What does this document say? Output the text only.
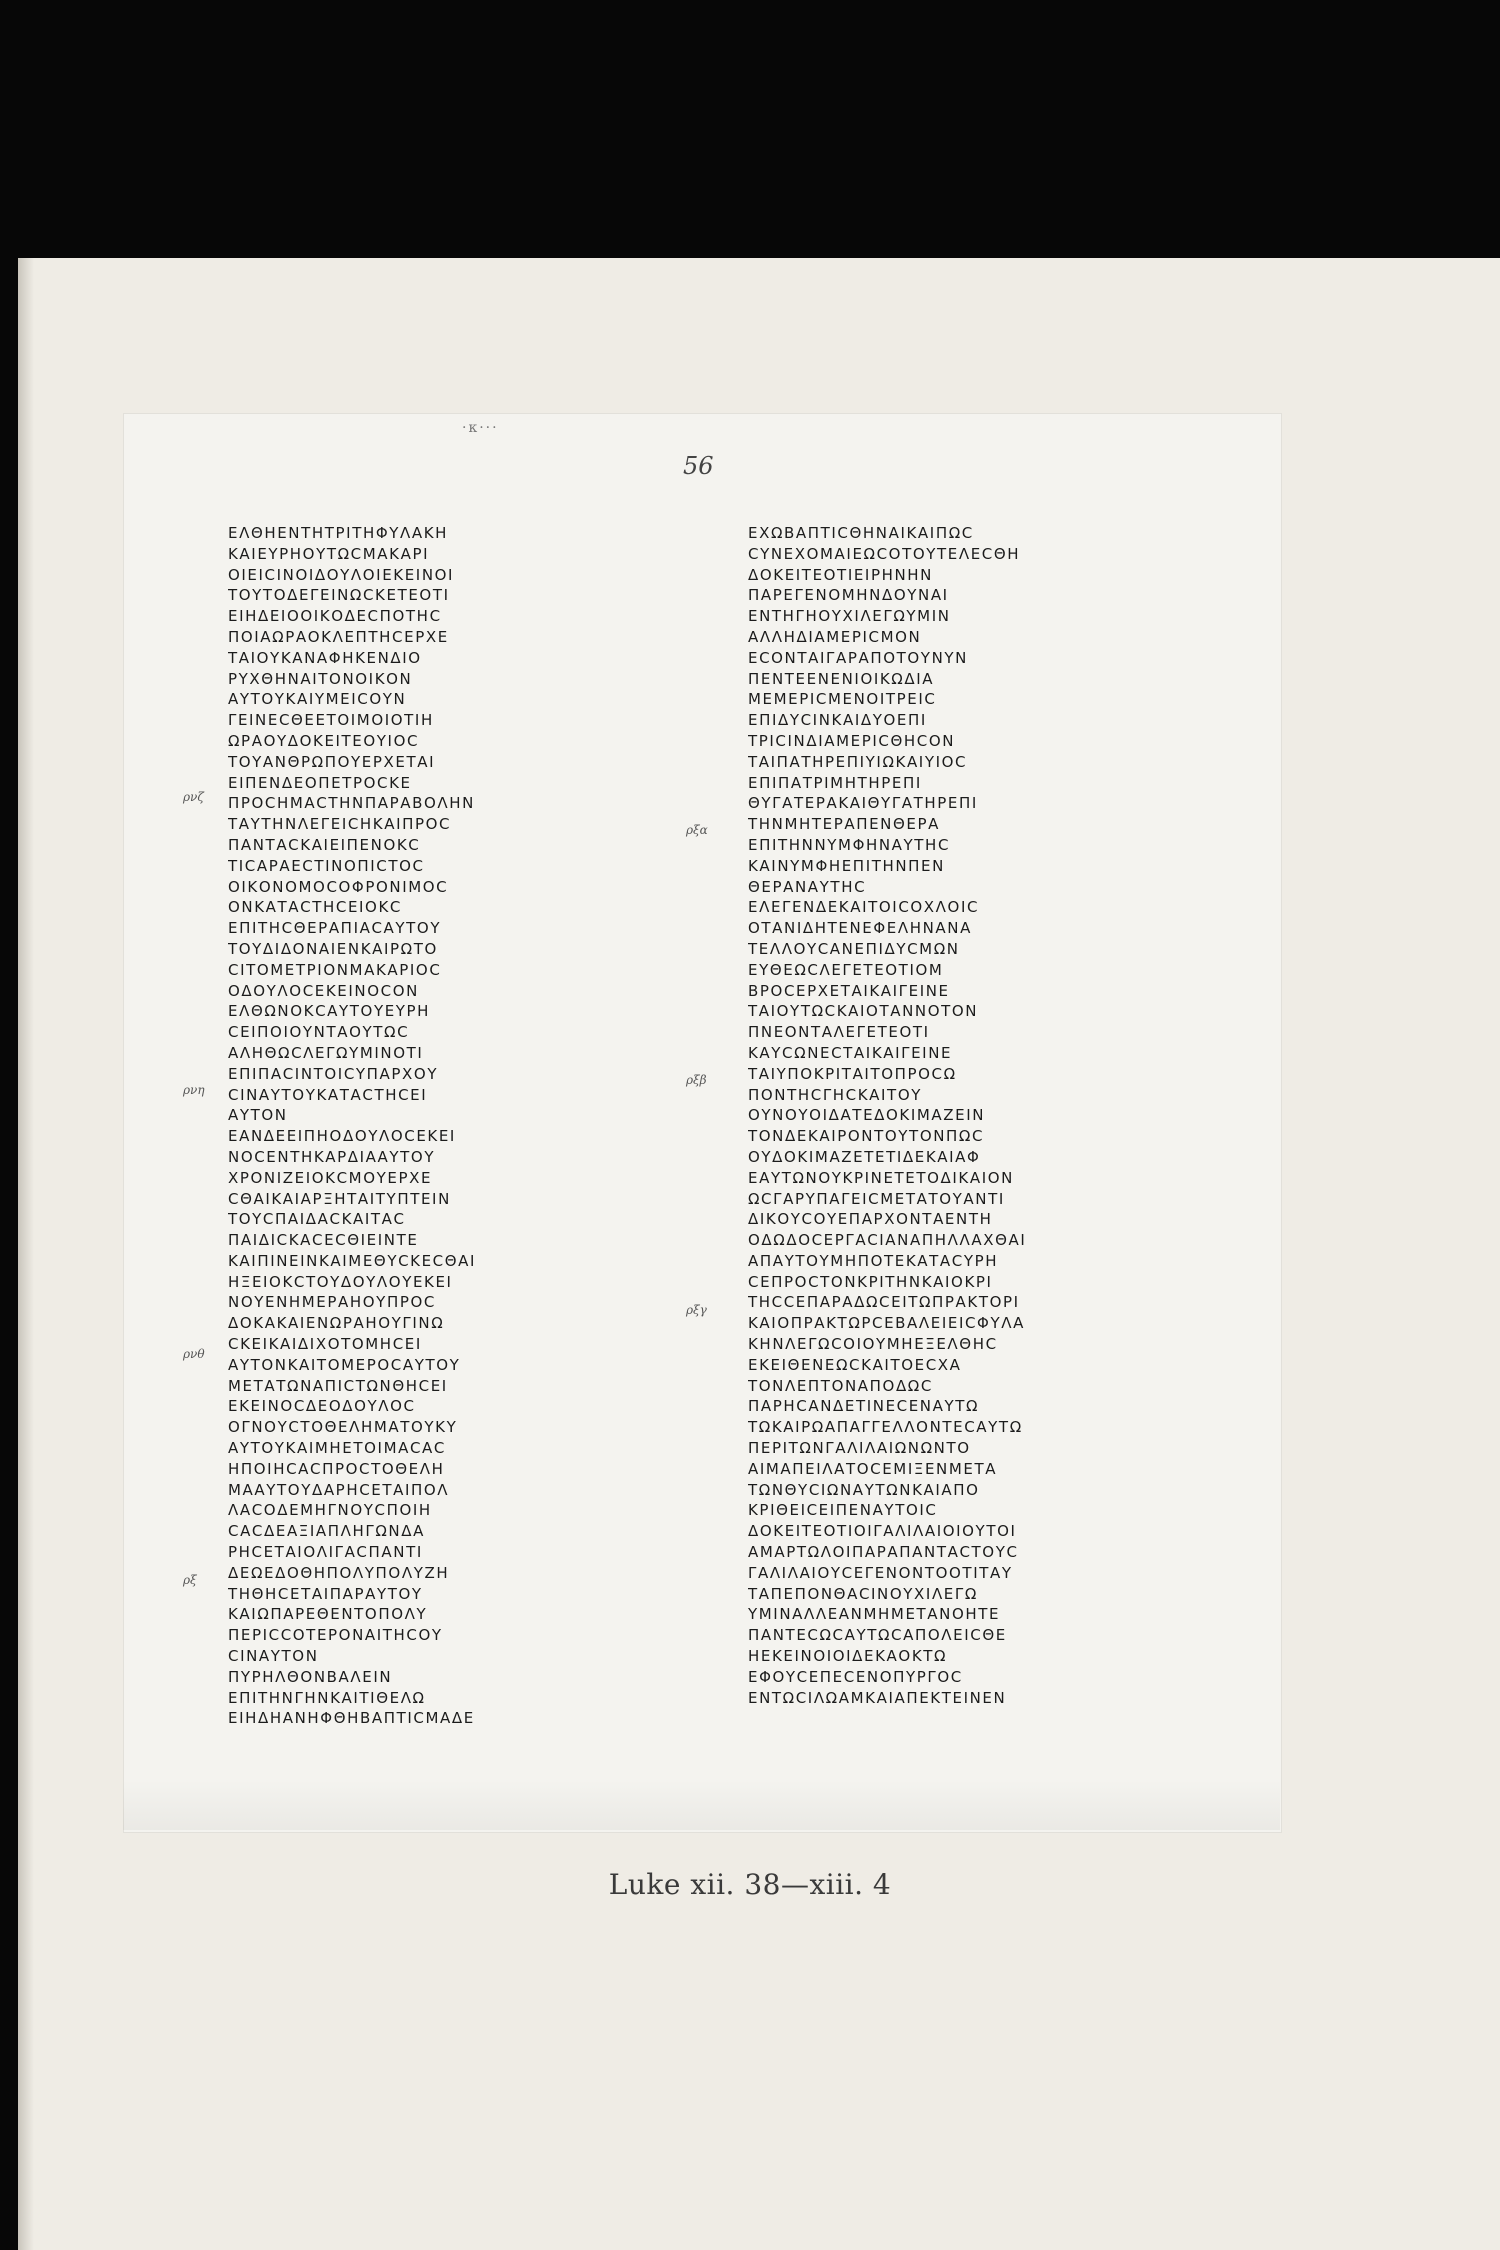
·κ···
56
ΕΛΘΗΕΝΤΗΤΡΙΤΗΦΥΛΑΚΗ
ΚΑΙΕΥΡΗΟΥΤΩCΜΑΚΑΡΙ
ΟΙΕΙCΙΝΟΙΔΟΥΛΟΙΕΚΕΙΝΟΙ
ΤΟΥΤΟΔΕΓΕΙΝΩCΚΕΤΕΟΤΙ
ΕΙΗΔΕΙΟΟΙΚΟΔΕCΠΟΤΗC
ΠΟΙΑΩΡΑΟΚΛΕΠΤΗCΕΡΧΕ
ΤΑΙΟΥΚΑΝΑΦΗΚΕΝΔΙΟ
ΡΥΧΘΗΝΑΙΤΟΝΟΙΚΟΝ
ΑΥΤΟΥΚΑΙΥΜΕΙCΟΥΝ
ΓΕΙΝΕCΘΕΕΤΟΙΜΟΙΟΤΙΗ
ΩΡΑΟΥΔΟΚΕΙΤΕΟΥΙΟC
ΤΟΥΑΝΘΡΩΠΟΥΕΡΧΕΤΑΙ
ΕΙΠΕΝΔΕΟΠΕΤΡΟCΚΕ
ΠΡΟCΗΜΑCΤΗΝΠΑΡΑΒΟΛΗΝ
ΤΑΥΤΗΝΛΕΓΕΙCΗΚΑΙΠΡΟC
ΠΑΝΤΑCΚΑΙΕΙΠΕΝΟΚC
ΤΙCΑΡΑΕCΤΙΝΟΠΙCΤΟC
ΟΙΚΟΝΟΜΟCΟΦΡΟΝΙΜΟC
ΟΝΚΑΤΑCΤΗCΕΙΟΚC
ΕΠΙΤΗCΘΕΡΑΠΙΑCΑΥΤΟΥ
ΤΟΥΔΙΔΟΝΑΙΕΝΚΑΙΡΩΤΟ
CΙΤΟΜΕΤΡΙΟΝΜΑΚΑΡΙΟC
ΟΔΟΥΛΟCΕΚΕΙΝΟCΟΝ
ΕΛΘΩΝΟΚCΑΥΤΟΥΕΥΡΗ
CΕΙΠΟΙΟΥΝΤΑΟΥΤΩC
ΑΛΗΘΩCΛΕΓΩΥΜΙΝΟΤΙ
ΕΠΙΠΑCΙΝΤΟΙCΥΠΑΡΧΟΥ
CΙΝΑΥΤΟΥΚΑΤΑCΤΗCΕΙ
ΑΥΤΟΝ
ΕΑΝΔΕΕΙΠΗΟΔΟΥΛΟCΕΚΕΙ
ΝΟCΕΝΤΗΚΑΡΔΙΑΑΥΤΟΥ
ΧΡΟΝΙΖΕΙΟΚCΜΟΥΕΡΧΕ
CΘΑΙΚΑΙΑΡΞΗΤΑΙΤΥΠΤΕΙΝ
ΤΟΥCΠΑΙΔΑCΚΑΙΤΑC
ΠΑΙΔΙCΚΑCΕCΘΙΕΙΝΤΕ
ΚΑΙΠΙΝΕΙΝΚΑΙΜΕΘΥCΚΕCΘΑΙ
ΗΞΕΙΟΚCΤΟΥΔΟΥΛΟΥΕΚΕΙ
ΝΟΥΕΝΗΜΕΡΑΗΟΥΠΡΟC
ΔΟΚΑΚΑΙΕΝΩΡΑΗΟΥΓΙΝΩ
CΚΕΙΚΑΙΔΙΧΟΤΟΜΗCΕΙ
ΑΥΤΟΝΚΑΙΤΟΜΕΡΟCΑΥΤΟΥ
ΜΕΤΑΤΩΝΑΠΙCΤΩΝΘΗCΕΙ
ΕΚΕΙΝΟCΔΕΟΔΟΥΛΟC
ΟΓΝΟΥCΤΟΘΕΛΗΜΑΤΟΥΚΥ
ΑΥΤΟΥΚΑΙΜΗΕΤΟΙΜΑCΑC
ΗΠΟΙΗCΑCΠΡΟCΤΟΘΕΛΗ
ΜΑΑΥΤΟΥΔΑΡΗCΕΤΑΙΠΟΛ
ΛΑCΟΔΕΜΗΓΝΟΥCΠΟΙΗ
CΑCΔΕΑΞΙΑΠΛΗΓΩΝΔΑ
ΡΗCΕΤΑΙΟΛΙΓΑCΠΑΝΤΙ
ΔΕΩΕΔΟΘΗΠΟΛΥΠΟΛΥΖΗ
ΤΗΘΗCΕΤΑΙΠΑΡΑΥΤΟΥ
ΚΑΙΩΠΑΡΕΘΕΝΤΟΠΟΛΥ
ΠΕΡΙCCΟΤΕΡΟΝΑΙΤΗCΟΥ
CΙΝΑΥΤΟΝ
ΠΥΡΗΛΘΟΝΒΑΛΕΙΝ
ΕΠΙΤΗΝΓΗΝΚΑΙΤΙΘΕΛΩ
ΕΙΗΔΗΑΝΗΦΘΗΒΑΠΤΙCΜΑΔΕ
ΕΧΩΒΑΠΤΙCΘΗΝΑΙΚΑΙΠΩC
CΥΝΕΧΟΜΑΙΕΩCΟΤΟΥΤΕΛΕCΘΗ
ΔΟΚΕΙΤΕΟΤΙΕΙΡΗΝΗΝ
ΠΑΡΕΓΕΝΟΜΗΝΔΟΥΝΑΙ
ΕΝΤΗΓΗΟΥΧΙΛΕΓΩΥΜΙΝ
ΑΛΛΗΔΙΑΜΕΡΙCΜΟΝ
ΕCΟΝΤΑΙΓΑΡΑΠΟΤΟΥΝΥΝ
ΠΕΝΤΕΕΝΕΝΙΟΙΚΩΔΙΑ
ΜΕΜΕΡΙCΜΕΝΟΙΤΡΕΙC
ΕΠΙΔΥCΙΝΚΑΙΔΥΟΕΠΙ
ΤΡΙCΙΝΔΙΑΜΕΡΙCΘΗCΟΝ
ΤΑΙΠΑΤΗΡΕΠΙΥΙΩΚΑΙΥΙΟC
ΕΠΙΠΑΤΡΙΜΗΤΗΡΕΠΙ
ΘΥΓΑΤΕΡΑΚΑΙΘΥΓΑΤΗΡΕΠΙ
ΤΗΝΜΗΤΕΡΑΠΕΝΘΕΡΑ
ΕΠΙΤΗΝΝΥΜΦΗΝΑΥΤΗC
ΚΑΙΝΥΜΦΗΕΠΙΤΗΝΠΕΝ
ΘΕΡΑΝΑΥΤΗC
ΕΛΕΓΕΝΔΕΚΑΙΤΟΙCΟΧΛΟΙC
ΟΤΑΝΙΔΗΤΕΝΕΦΕΛΗΝΑΝΑ
ΤΕΛΛΟΥCΑΝΕΠΙΔΥCΜΩΝ
ΕΥΘΕΩCΛΕΓΕΤΕΟΤΙΟΜ
ΒΡΟCΕΡΧΕΤΑΙΚΑΙΓΕΙΝΕ
ΤΑΙΟΥΤΩCΚΑΙΟΤΑΝΝΟΤΟΝ
ΠΝΕΟΝΤΑΛΕΓΕΤΕΟΤΙ
ΚΑΥCΩΝΕCΤΑΙΚΑΙΓΕΙΝΕ
ΤΑΙΥΠΟΚΡΙΤΑΙΤΟΠΡΟCΩ
ΠΟΝΤΗCΓΗCΚΑΙΤΟΥ
ΟΥΝΟΥΟΙΔΑΤΕΔΟΚΙΜΑΖΕΙΝ
ΤΟΝΔΕΚΑΙΡΟΝΤΟΥΤΟΝΠΩC
ΟΥΔΟΚΙΜΑΖΕΤΕΤΙΔΕΚΑΙΑΦ
ΕΑΥΤΩΝΟΥΚΡΙΝΕΤΕΤΟΔΙΚΑΙΟΝ
ΩCΓΑΡΥΠΑΓΕΙCΜΕΤΑΤΟΥΑΝΤΙ
ΔΙΚΟΥCΟΥΕΠΑΡΧΟΝΤΑΕΝΤΗ
ΟΔΩΔΟCΕΡΓΑCΙΑΝΑΠΗΛΛΑΧΘΑΙ
ΑΠΑΥΤΟΥΜΗΠΟΤΕΚΑΤΑCΥΡΗ
CΕΠΡΟCΤΟΝΚΡΙΤΗΝΚΑΙΟΚΡΙ
ΤΗCCΕΠΑΡΑΔΩCΕΙΤΩΠΡΑΚΤΟΡΙ
ΚΑΙΟΠΡΑΚΤΩΡCΕΒΑΛΕΙΕΙCΦΥΛΑ
ΚΗΝΛΕΓΩCΟΙΟΥΜΗΕΞΕΛΘΗC
ΕΚΕΙΘΕΝΕΩCΚΑΙΤΟΕCΧΑ
ΤΟΝΛΕΠΤΟΝΑΠΟΔΩC
ΠΑΡΗCΑΝΔΕΤΙΝΕCΕΝΑΥΤΩ
ΤΩΚΑΙΡΩΑΠΑΓΓΕΛΛΟΝΤΕCΑΥΤΩ
ΠΕΡΙΤΩΝΓΑΛΙΛΑΙΩΝΩΝΤΟ
ΑΙΜΑΠΕΙΛΑΤΟCΕΜΙΞΕΝΜΕΤΑ
ΤΩΝΘΥCΙΩΝΑΥΤΩΝΚΑΙΑΠΟ
ΚΡΙΘΕΙCΕΙΠΕΝΑΥΤΟΙC
ΔΟΚΕΙΤΕΟΤΙΟΙΓΑΛΙΛΑΙΟΙΟΥΤΟΙ
ΑΜΑΡΤΩΛΟΙΠΑΡΑΠΑΝΤΑCΤΟΥC
ΓΑΛΙΛΑΙΟΥCΕΓΕΝΟΝΤΟΟΤΙΤΑΥ
ΤΑΠΕΠΟΝΘΑCΙΝΟΥΧΙΛΕΓΩ
ΥΜΙΝΑΛΛΕΑΝΜΗΜΕΤΑΝΟΗΤΕ
ΠΑΝΤΕCΩCΑΥΤΩCΑΠΟΛΕΙCΘΕ
ΗΕΚΕΙΝΟΙΟΙΔΕΚΑΟΚΤΩ
ΕΦΟΥCΕΠΕCΕΝΟΠΥΡΓΟC
ΕΝΤΩCΙΛΩΑΜΚΑΙΑΠΕΚΤΕΙΝΕΝ
ρνζ
ρνη
ρνθ
ρξ
ρξα
ρξβ
ρξγ
Luke xii. 38—xiii. 4
